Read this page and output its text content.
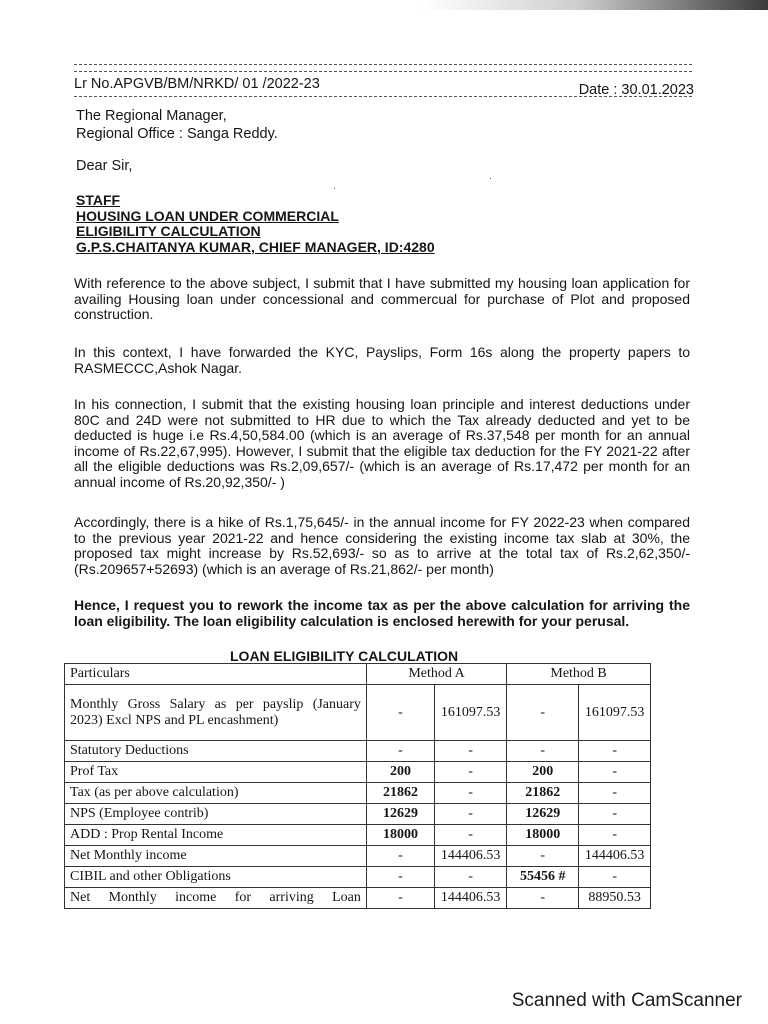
Lr No.APGVB/BM/NRKD/ 01 /2022-23	Date : 30.01.2023
The Regional Manager,
Regional Office : Sanga Reddy.
Dear Sir,
STAFF
HOUSING LOAN UNDER COMMERCIAL
ELIGIBILITY CALCULATION
G.P.S.CHAITANYA KUMAR, CHIEF MANAGER, ID:4280
·
·
With reference to the above subject, I submit that I have submitted my housing loan application for availing Housing loan under concessional and commercual for purchase of Plot and proposed construction.
In this context, I have forwarded the KYC, Payslips, Form 16s along the property papers to RASMECCC,Ashok Nagar.
In his connection, I submit that the existing housing loan principle and interest deductions under 80C and 24D were not submitted to HR due to which the Tax already deducted and yet to be deducted is huge i.e Rs.4,50,584.00 (which is an average of Rs.37,548 per month for an annual income of Rs.22,67,995). However, I submit that the eligible tax deduction for the FY 2021-22 after all the eligible deductions was Rs.2,09,657/- (which is an average of Rs.17,472 per month for an annual income of Rs.20,92,350/- )
Accordingly, there is a hike of Rs.1,75,645/- in the annual income for FY 2022-23 when compared to the previous year 2021-22 and hence considering the existing income tax slab at 30%, the proposed tax might increase by Rs.52,693/- so as to arrive at the total tax of Rs.2,62,350/- (Rs.209657+52693) (which is an average of Rs.21,862/- per month)
Hence, I request you to rework the income tax as per the above calculation for arriving the loan eligibility. The loan eligibility calculation is enclosed herewith for your perusal.
LOAN ELIGIBILITY CALCULATION
Particulars	Method A		Method B	
Monthly Gross Salary as per payslip (January 2023) Excl NPS and PL encashment)	-	161097.53	-	161097.53
Statutory Deductions	-	-	-	-
Prof Tax	200	-	200	-
Tax (as per above calculation)	21862	-	21862	-
NPS (Employee contrib)	12629	-	12629	-
ADD : Prop Rental Income	18000	-	18000	-
Net Monthly income	-	144406.53	-	144406.53
CIBIL and other Obligations	-	-	55456 #	-
Net Monthly income for arriving Loan	-	144406.53	-	88950.53
Scanned with CamScanner
